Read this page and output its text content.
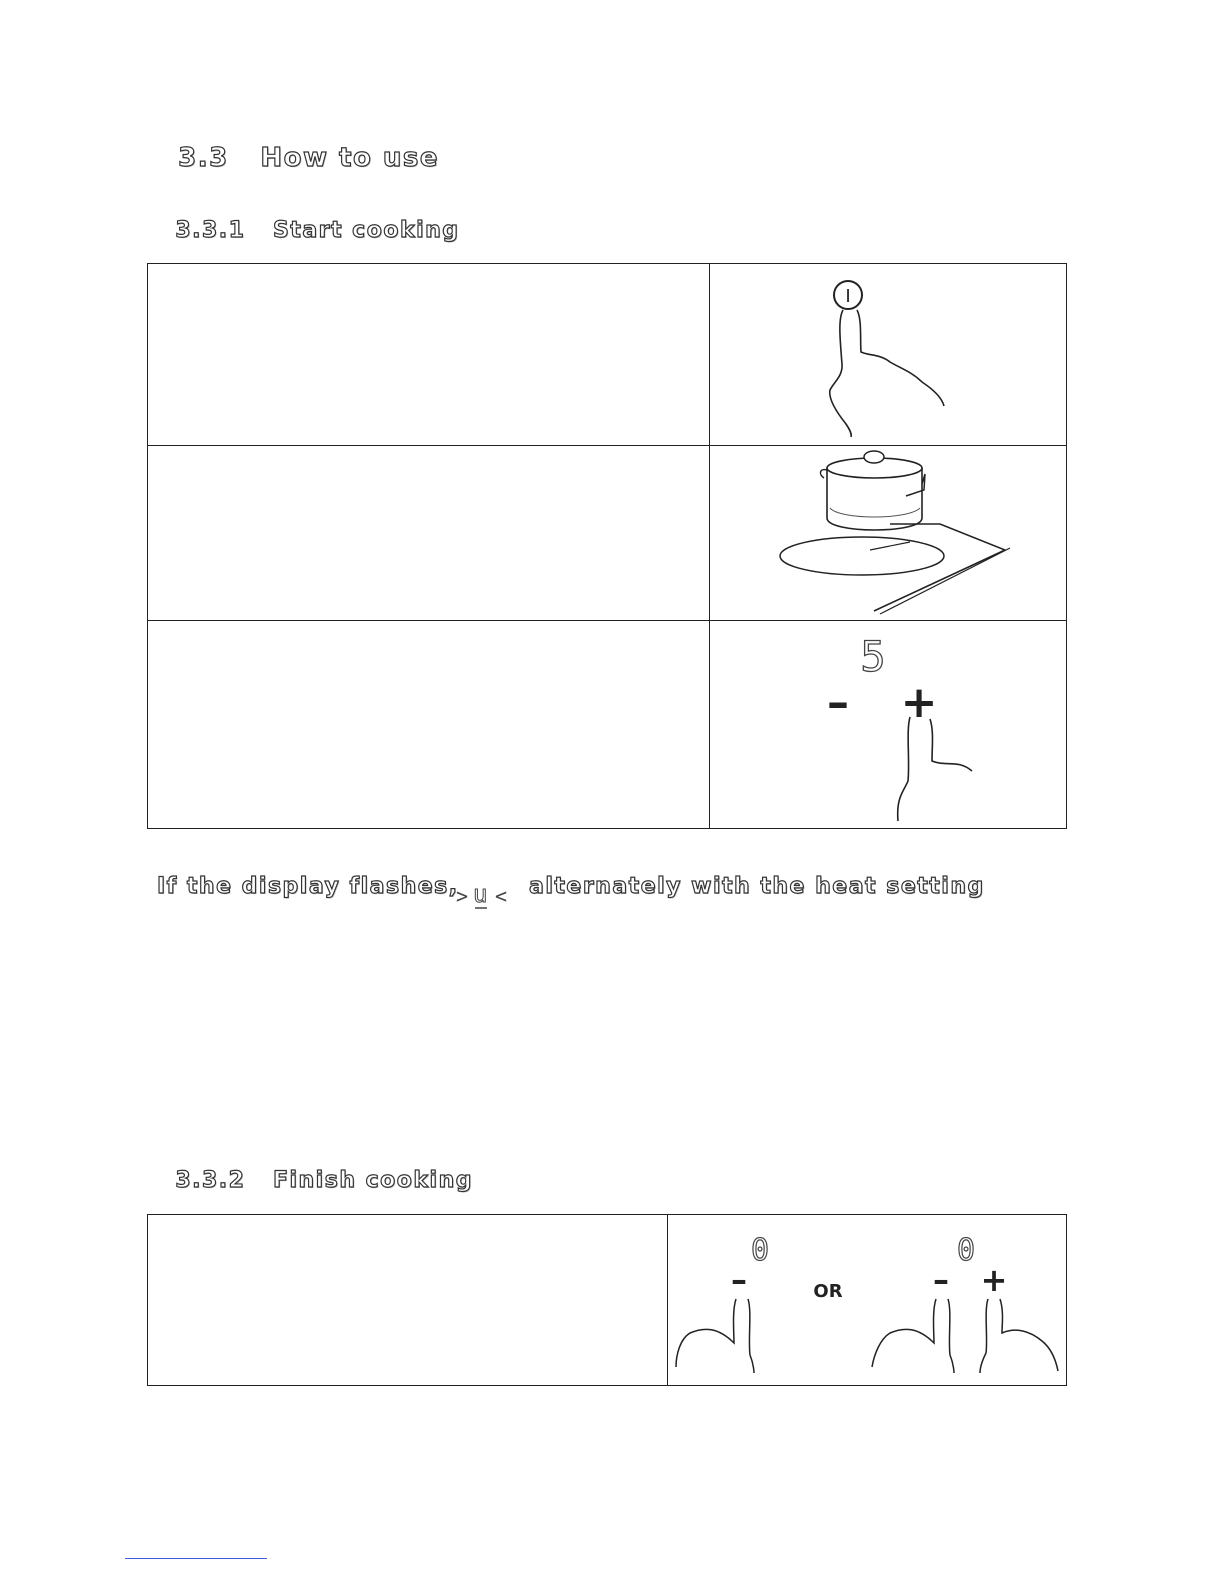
3.3 How to use

3.3.1 Start cooking

I

5
– +
If the display flashes,
> u < alternately with the heat setting

3.3.2 Finish cooking

0
–	OR
0
– +
